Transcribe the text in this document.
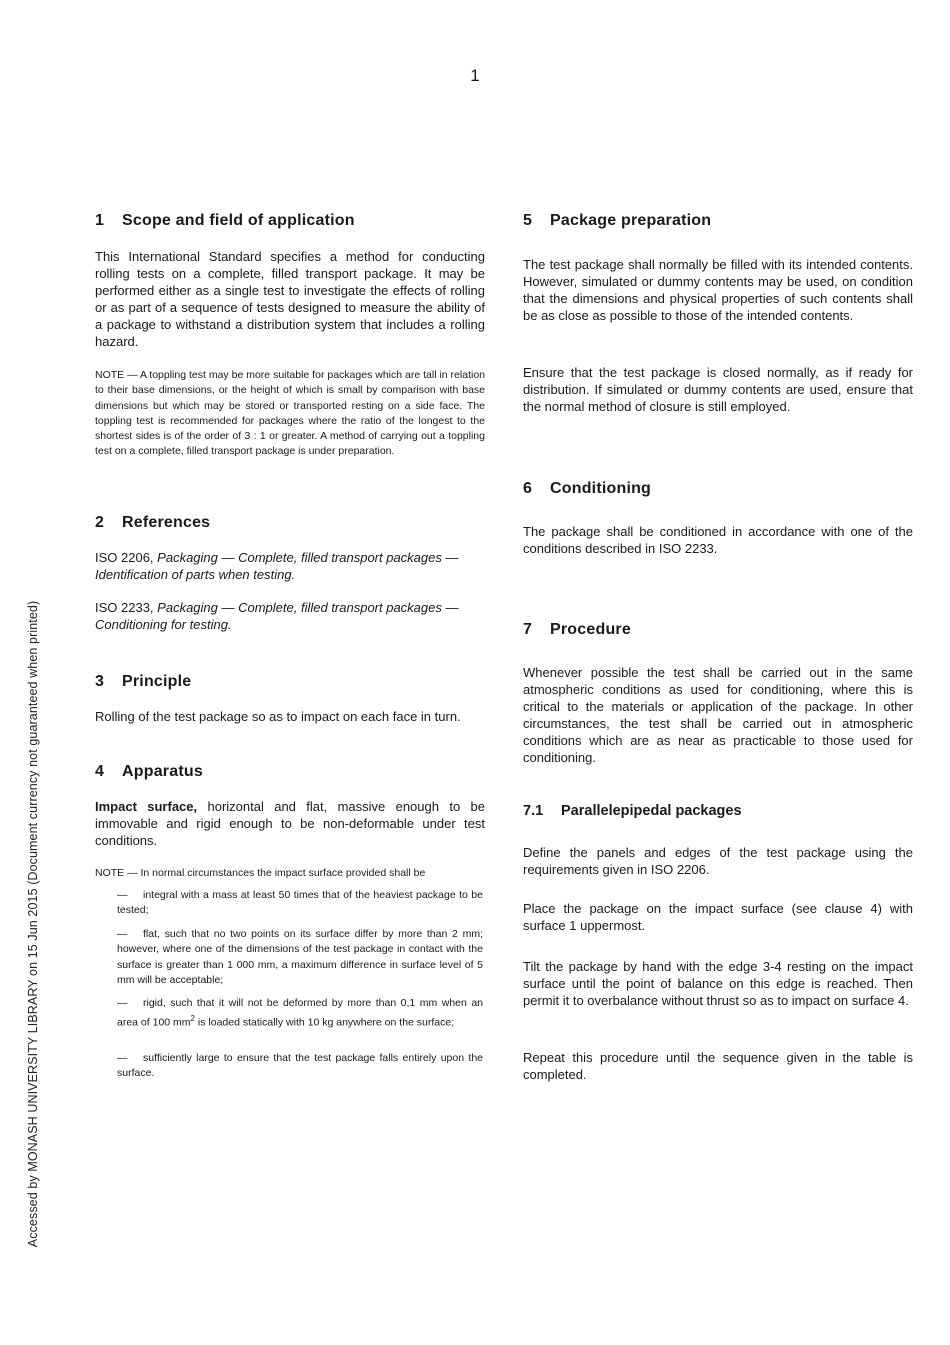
1
Accessed by MONASH UNIVERSITY LIBRARY on 15 Jun 2015 (Document currency not guaranteed when printed)
1 Scope and field of application

This International Standard specifies a method for conducting rolling tests on a complete, filled transport package. It may be performed either as a single test to investigate the effects of rolling or as part of a sequence of tests designed to measure the ability of a package to withstand a distribution system that includes a rolling hazard.

NOTE — A toppling test may be more suitable for packages which are tall in relation to their base dimensions, or the height of which is small by comparison with base dimensions but which may be stored or transported resting on a side face. The toppling test is recommended for packages where the ratio of the longest to the shortest sides is of the order of 3 : 1 or greater. A method of carrying out a toppling test on a complete, filled transport package is under preparation.

2 References

ISO 2206, Packaging — Complete, filled transport packages — Identification of parts when testing.

ISO 2233, Packaging — Complete, filled transport packages — Conditioning for testing.

3 Principle

Rolling of the test package so as to impact on each face in turn.

4 Apparatus

Impact surface, horizontal and flat, massive enough to be immovable and rigid enough to be non-deformable under test conditions.

NOTE — In normal circumstances the impact surface provided shall be

— integral with a mass at least 50 times that of the heaviest package to be tested;

— flat, such that no two points on its surface differ by more than 2 mm; however, where one of the dimensions of the test package in contact with the surface is greater than 1 000 mm, a maximum difference in surface level of 5 mm will be acceptable;

— rigid, such that it will not be deformed by more than 0,1 mm when an area of 100 $mm^2$ is loaded statically with 10 kg anywhere on the surface;

— sufficiently large to ensure that the test package falls entirely upon the surface.

5 Package preparation

The test package shall normally be filled with its intended contents. However, simulated or dummy contents may be used, on condition that the dimensions and physical properties of such contents shall be as close as possible to those of the intended contents.

Ensure that the test package is closed normally, as if ready for distribution. If simulated or dummy contents are used, ensure that the normal method of closure is still employed.

6 Conditioning

The package shall be conditioned in accordance with one of the conditions described in ISO 2233.

7 Procedure

Whenever possible the test shall be carried out in the same atmospheric conditions as used for conditioning, where this is critical to the materials or application of the package. In other circumstances, the test shall be carried out in atmospheric conditions which are as near as practicable to those used for conditioning.

7.1 Parallelepipedal packages

Define the panels and edges of the test package using the requirements given in ISO 2206.

Place the package on the impact surface (see clause 4) with surface 1 uppermost.

Tilt the package by hand with the edge 3-4 resting on the impact surface until the point of balance on this edge is reached. Then permit it to overbalance without thrust so as to impact on surface 4.

Repeat this procedure until the sequence given in the table is completed.
